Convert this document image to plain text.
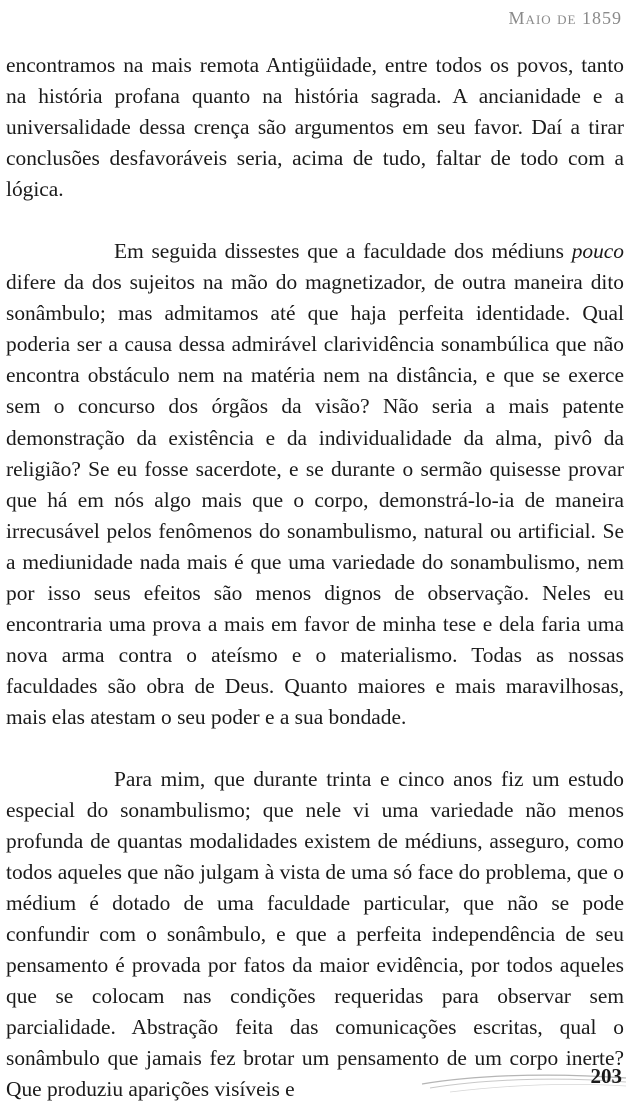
Maio de 1859

encontramos na mais remota Antigüidade, entre todos os povos, tanto na história profana quanto na história sagrada. A ancianidade e a universalidade dessa crença são argumentos em seu favor. Daí a tirar conclusões desfavoráveis seria, acima de tudo, faltar de todo com a lógica.

Em seguida dissestes que a faculdade dos médiuns pouco difere da dos sujeitos na mão do magnetizador, de outra maneira dito sonâmbulo; mas admitamos até que haja perfeita identidade. Qual poderia ser a causa dessa admirável clarividência sonambúlica que não encontra obstáculo nem na matéria nem na distância, e que se exerce sem o concurso dos órgãos da visão? Não seria a mais patente demonstração da existência e da individualidade da alma, pivô da religião? Se eu fosse sacerdote, e se durante o sermão quisesse provar que há em nós algo mais que o corpo, demonstrá-lo-ia de maneira irrecusável pelos fenômenos do sonambulismo, natural ou artificial. Se a mediunidade nada mais é que uma variedade do sonambulismo, nem por isso seus efeitos são menos dignos de observação. Neles eu encontraria uma prova a mais em favor de minha tese e dela faria uma nova arma contra o ateísmo e o materialismo. Todas as nossas faculdades são obra de Deus. Quanto maiores e mais maravilhosas, mais elas atestam o seu poder e a sua bondade.

Para mim, que durante trinta e cinco anos fiz um estudo especial do sonambulismo; que nele vi uma variedade não menos profunda de quantas modalidades existem de médiuns, asseguro, como todos aqueles que não julgam à vista de uma só face do problema, que o médium é dotado de uma faculdade particular, que não se pode confundir com o sonâmbulo, e que a perfeita independência de seu pensamento é provada por fatos da maior evidência, por todos aqueles que se colocam nas condições requeridas para observar sem parcialidade. Abstração feita das comunicações escritas, qual o sonâmbulo que jamais fez brotar um pensamento de um corpo inerte? Que produziu aparições visíveis e

203
